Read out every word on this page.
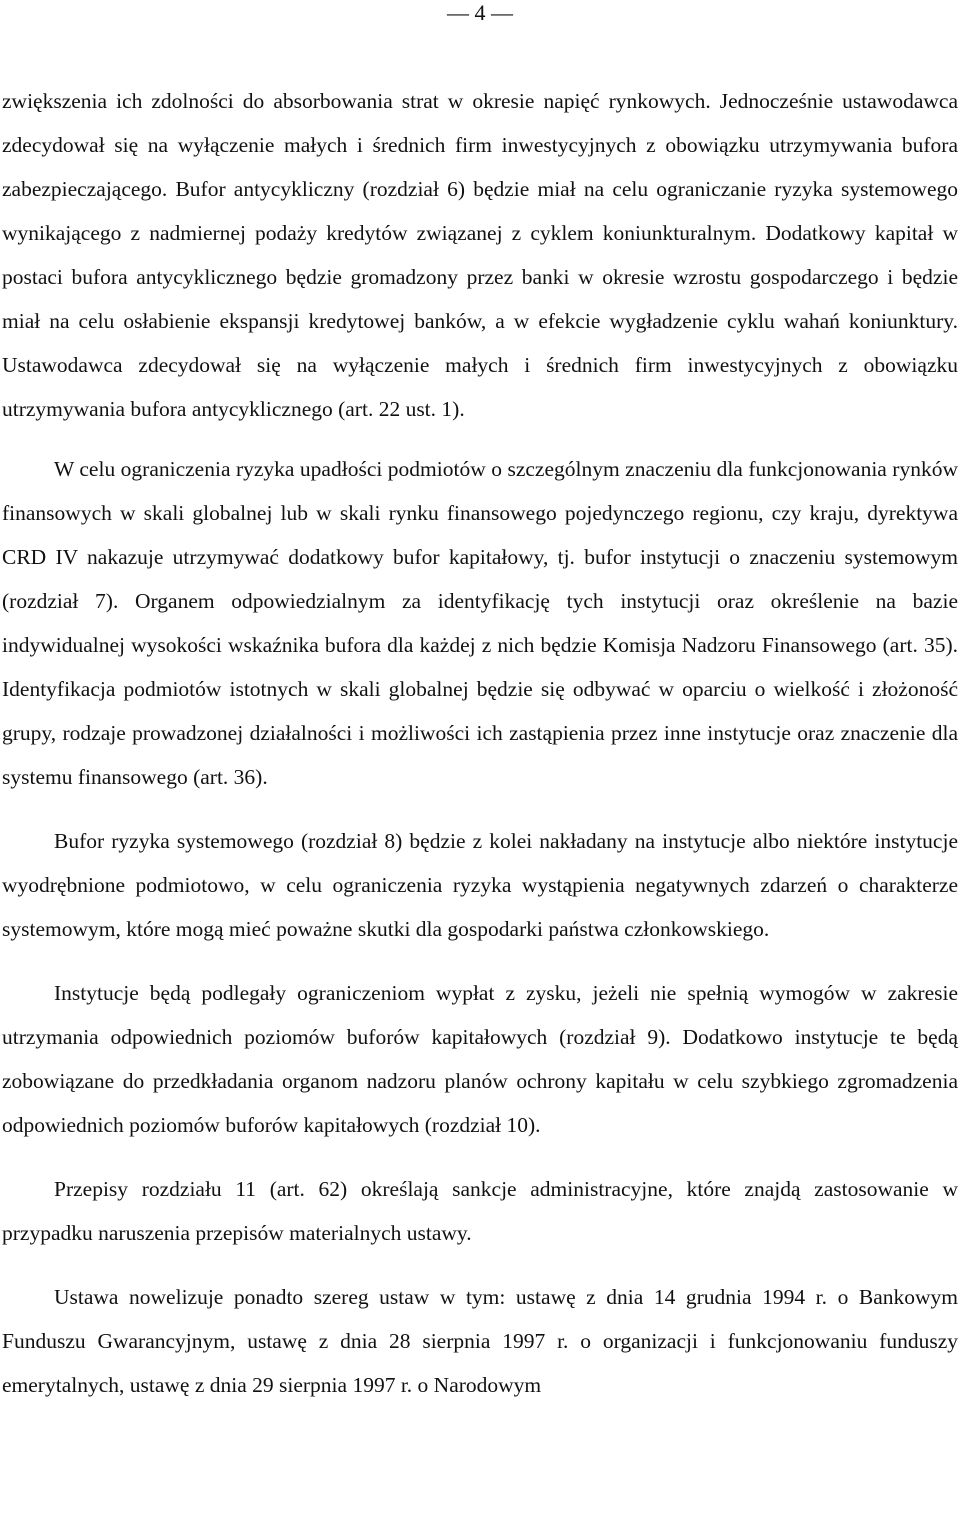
— 4 —

zwiększenia ich zdolności do absorbowania strat w okresie napięć rynkowych. Jednocześnie ustawodawca zdecydował się na wyłączenie małych i średnich firm inwestycyjnych z obowiązku utrzymywania bufora zabezpieczającego. Bufor antycykliczny (rozdział 6) będzie miał na celu ograniczanie ryzyka systemowego wynikającego z nadmiernej podaży kredytów związanej z cyklem koniunkturalnym. Dodatkowy kapitał w postaci bufora antycyklicznego będzie gromadzony przez banki w okresie wzrostu gospodarczego i będzie miał na celu osłabienie ekspansji kredytowej banków, a w efekcie wygładzenie cyklu wahań koniunktury. Ustawodawca zdecydował się na wyłączenie małych i średnich firm inwestycyjnych z obowiązku utrzymywania bufora antycyklicznego (art. 22 ust. 1).

W celu ograniczenia ryzyka upadłości podmiotów o szczególnym znaczeniu dla funkcjonowania rynków finansowych w skali globalnej lub w skali rynku finansowego pojedynczego regionu, czy kraju, dyrektywa CRD IV nakazuje utrzymywać dodatkowy bufor kapitałowy, tj. bufor instytucji o znaczeniu systemowym (rozdział 7). Organem odpowiedzialnym za identyfikację tych instytucji oraz określenie na bazie indywidualnej wysokości wskaźnika bufora dla każdej z nich będzie Komisja Nadzoru Finansowego (art. 35). Identyfikacja podmiotów istotnych w skali globalnej będzie się odbywać w oparciu o wielkość i złożoność grupy, rodzaje prowadzonej działalności i możliwości ich zastąpienia przez inne instytucje oraz znaczenie dla systemu finansowego (art. 36).

Bufor ryzyka systemowego (rozdział 8) będzie z kolei nakładany na instytucje albo niektóre instytucje wyodrębnione podmiotowo, w celu ograniczenia ryzyka wystąpienia negatywnych zdarzeń o charakterze systemowym, które mogą mieć poważne skutki dla gospodarki państwa członkowskiego.

Instytucje będą podlegały ograniczeniom wypłat z zysku, jeżeli nie spełnią wymogów w zakresie utrzymania odpowiednich poziomów buforów kapitałowych (rozdział 9). Dodatkowo instytucje te będą zobowiązane do przedkładania organom nadzoru planów ochrony kapitału w celu szybkiego zgromadzenia odpowiednich poziomów buforów kapitałowych (rozdział 10).

Przepisy rozdziału 11 (art. 62) określają sankcje administracyjne, które znajdą zastosowanie w przypadku naruszenia przepisów materialnych ustawy.

Ustawa nowelizuje ponadto szereg ustaw w tym: ustawę z dnia 14 grudnia 1994 r. o Bankowym Funduszu Gwarancyjnym, ustawę z dnia 28 sierpnia 1997 r. o organizacji i funkcjonowaniu funduszy emerytalnych, ustawę z dnia 29 sierpnia 1997 r. o Narodowym
